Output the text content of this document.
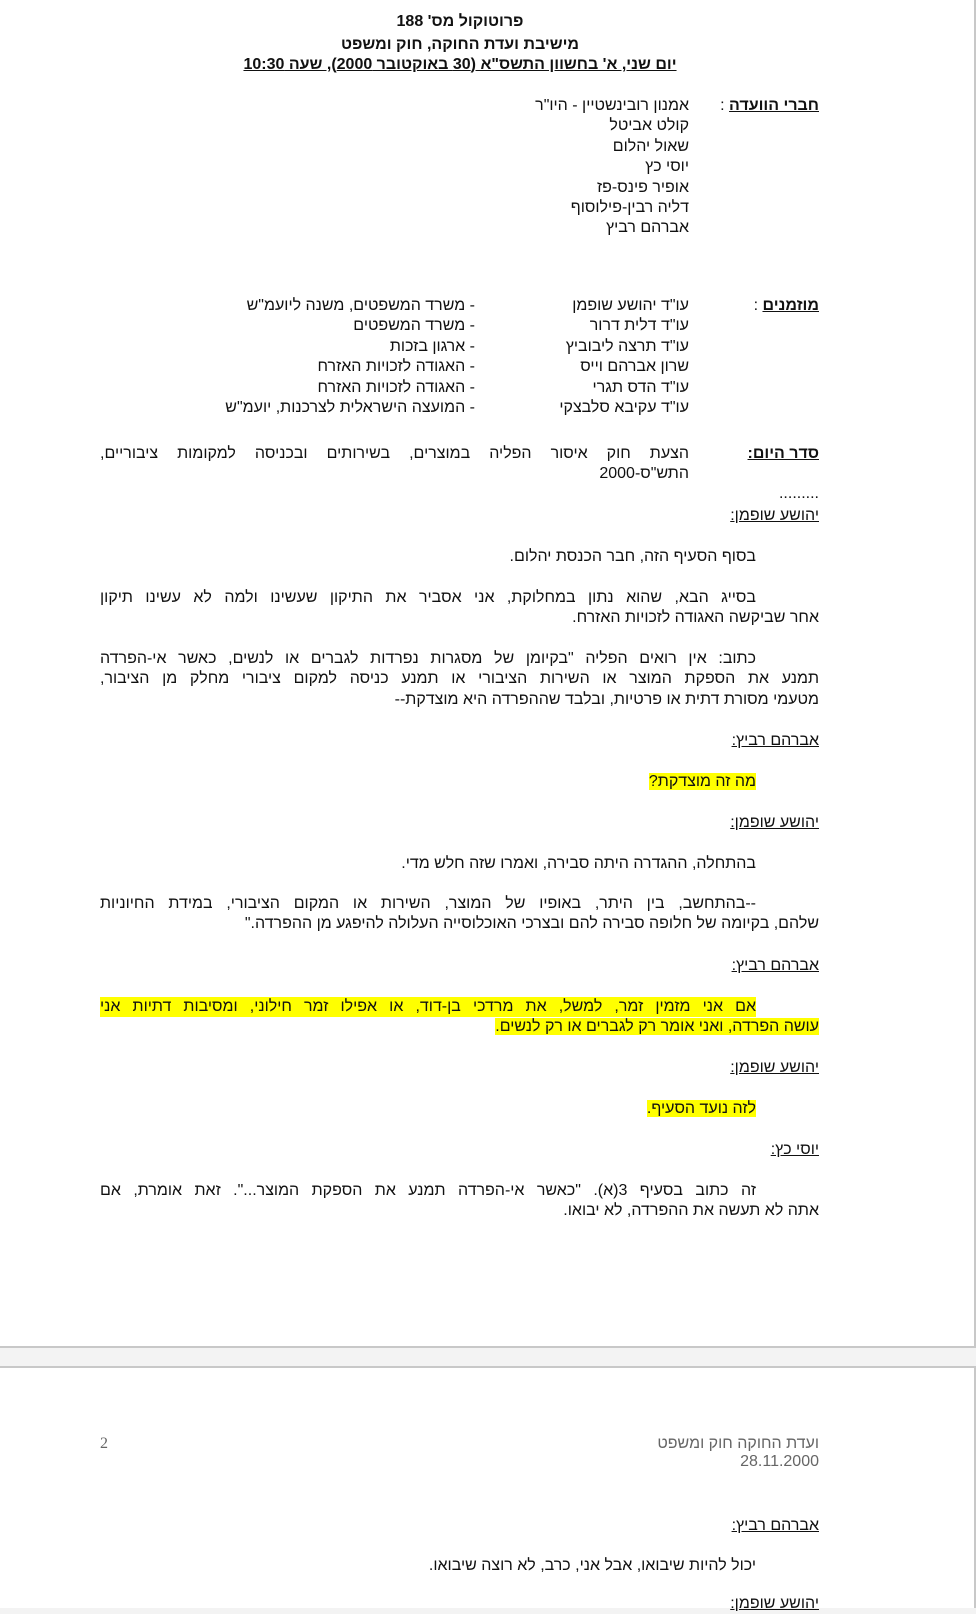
פרוטוקול מס' 188
מישיבת ועדת החוקה, חוק ומשפט
יום שני, א' בחשוון התשס"א (30 באוקטובר 2000), שעה 10:30
חברי הוועדה :
אמנון רובינשטיין - היו"ר
קולט אביטל
שאול יהלום
יוסי כץ
אופיר פינס-פז
דליה רבין-פילוסוף
אברהם רביץ
מוזמנים :
עו"ד יהושע שופמן
- משרד המשפטים, משנה ליועמ"ש
עו"ד דלית דרור
- משרד המשפטים
עו"ד תרצה ליבוביץ
- ארגון בזכות
שרון אברהם וייס
- האגודה לזכויות האזרח
עו"ד הדס תגרי
- האגודה לזכויות האזרח
עו"ד עקיבא סלבצקי
- המועצה הישראלית לצרכנות, יועמ"ש
סדר היום:
הצעת חוק איסור הפליה במוצרים, בשירותים ובכניסה למקומות ציבוריים,
התש"ס-2000
.........
יהושע שופמן:
בסוף הסעיף הזה, חבר הכנסת יהלום.
בסייג הבא, שהוא נתון במחלוקת, אני אסביר את התיקון שעשינו ולמה לא עשינו תיקון
אחר שביקשה האגודה לזכויות האזרח.
כתוב: אין רואים הפליה "בקיומן של מסגרות נפרדות לגברים או לנשים, כאשר אי-הפרדה
תמנע את הספקת המוצר או השירות הציבורי או תמנע כניסה למקום ציבורי מחלק מן הציבור,
מטעמי מסורת דתית או פרטיות, ובלבד שההפרדה היא מוצדקת--
אברהם רביץ:
מה זה מוצדקת?
יהושע שופמן:
בהתחלה, ההגדרה היתה סבירה, ואמרו שזה חלש מדי.
--בהתחשב, בין היתר, באופיו של המוצר, השירות או המקום הציבורי, במידת החיוניות
שלהם, בקיומה של חלופה סבירה להם ובצרכי האוכלוסייה העלולה להיפגע מן ההפרדה."
אברהם רביץ:
אם אני מזמין זמר, למשל, את מרדכי בן-דוד, או אפילו זמר חילוני, ומסיבות דתיות אני
עושה הפרדה, ואני אומר רק לגברים או רק לנשים.
יהושע שופמן:
לזה נועד הסעיף.
יוסי כץ:
זה כתוב בסעיף 3(א). "כאשר אי-הפרדה תמנע את הספקת המוצר...". זאת אומרת, אם
אתה לא תעשה את ההפרדה, לא יבואו.
ועדת החוקה חוק ומשפט
28.11.2000
2
אברהם רביץ:
יכול להיות שיבואו, אבל אני, כרב, לא רוצה שיבואו.
יהושע שופמן:
